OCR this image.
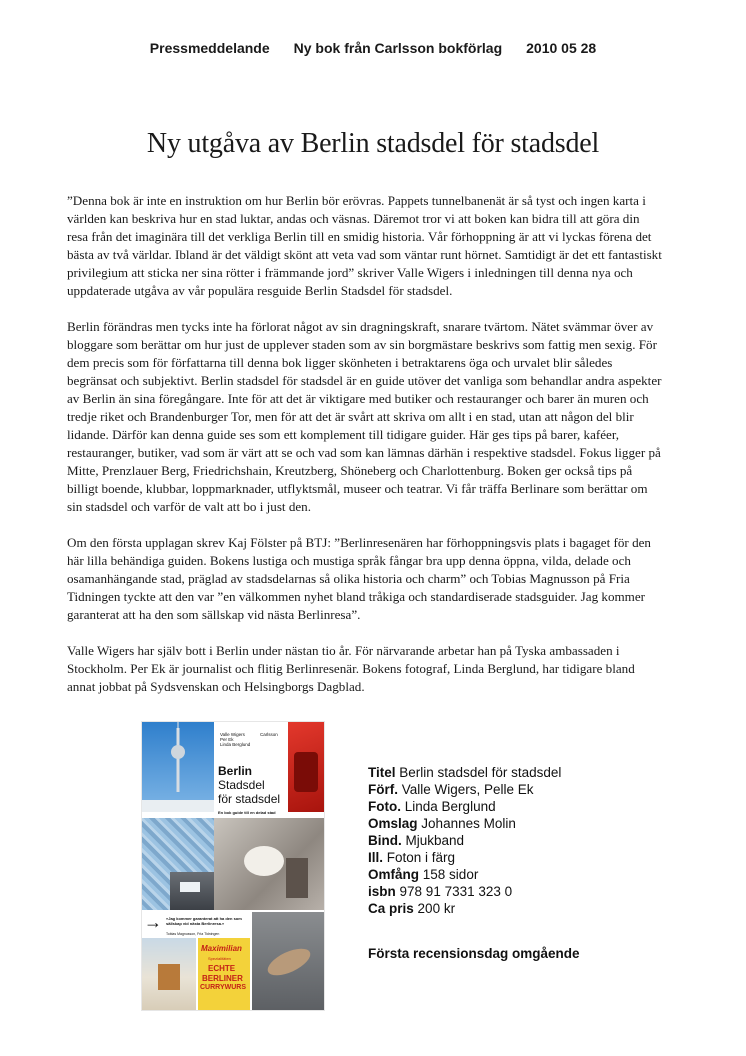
Pressmeddelande Ny bok från Carlsson bokförlag 2010 05 28
Ny utgåva av Berlin stadsdel för stadsdel

”Denna bok är inte en instruktion om hur Berlin bör erövras. Pappets tunnelbanenät är så tyst och ingen karta i världen kan beskriva hur en stad luktar, andas och väsnas. Däremot tror vi att boken kan bidra till att göra din resa från det imaginära till det verkliga Berlin till en smidig historia. Vår förhoppning är att vi lyckas förena det bästa av två världar. Ibland är det väldigt skönt att veta vad som väntar runt hörnet. Samtidigt är det ett fantastiskt privilegium att sticka ner sina rötter i främmande jord” skriver Valle Wigers i inledningen till denna nya och uppdaterade utgåva av vår populära resguide Berlin Stadsdel för stadsdel.

Berlin förändras men tycks inte ha förlorat något av sin dragningskraft, snarare tvärtom. Nätet svämmar över av bloggare som berättar om hur just de upplever staden som av sin borgmästare beskrivs som fattig men sexig. För dem precis som för författarna till denna bok ligger skönheten i betraktarens öga och urvalet blir således begränsat och subjektivt. Berlin stadsdel för stadsdel är en guide utöver det vanliga som behandlar andra aspekter av Berlin än sina föregångare. Inte för att det är viktigare med butiker och restauranger och barer än muren och tredje riket och Brandenburger Tor, men för att det är svårt att skriva om allt i en stad, utan att någon del blir lidande. Därför kan denna guide ses som ett komplement till tidigare guider. Här ges tips på barer, kaféer, restauranger, butiker, vad som är värt att se och vad som kan lämnas därhän i respektive stadsdel. Fokus ligger på Mitte, Prenzlauer Berg, Friedrichshain, Kreutzberg, Shöneberg och Charlottenburg. Boken ger också tips på billigt boende, klubbar, loppmarknader, utflyktsmål, museer och teatrar. Vi får träffa Berlinare som berättar om sin stadsdel och varför de valt att bo i just den.

Om den första upplagan skrev Kaj Fölster på BTJ: ”Berlinresenären har förhoppningsvis plats i bagaget för den här lilla behändiga guiden. Bokens lustiga och mustiga språk fångar bra upp denna öppna, vilda, delade och osamanhängande stad, präglad av stadsdelarnas så olika historia och charm” och Tobias Magnusson på Fria Tidningen tyckte att den var ”en välkommen nyhet bland tråkiga och standardiserade stadsguider. Jag kommer garanterat att ha den som sällskap vid nästa Berlinresa”.

Valle Wigers har själv bott i Berlin under nästan tio år. För närvarande arbetar han på Tyska ambassaden i Stockholm. Per Ek är journalist och flitig Berlinresenär. Bokens fotograf, Linda Berglund, har tidigare bland annat jobbat på Sydsvenskan och Helsingborgs Dagblad.

Valle Wigers
Per Ek
Linda Berglund
Carlsson
Berlin
Stadsdel
för stadsdel
En bok guide till en delad stad
→ »Jag kommer garanterat att ha den som sällskap vid nästa Berlinresa.«
Tobias Magnusson, Fria Tidningen
Maximilian
Spezialitäten
ECHTE
BERLINER
CURRYWURS
Titel Berlin stadsdel för stadsdel
Förf. Valle Wigers, Pelle Ek
Foto. Linda Berglund
Omslag Johannes Molin
Bind. Mjukband
Ill. Foton i färg
Omfång 158 sidor
isbn 978 91 7331 323 0
Ca pris 200 kr
Första recensionsdag omgående
